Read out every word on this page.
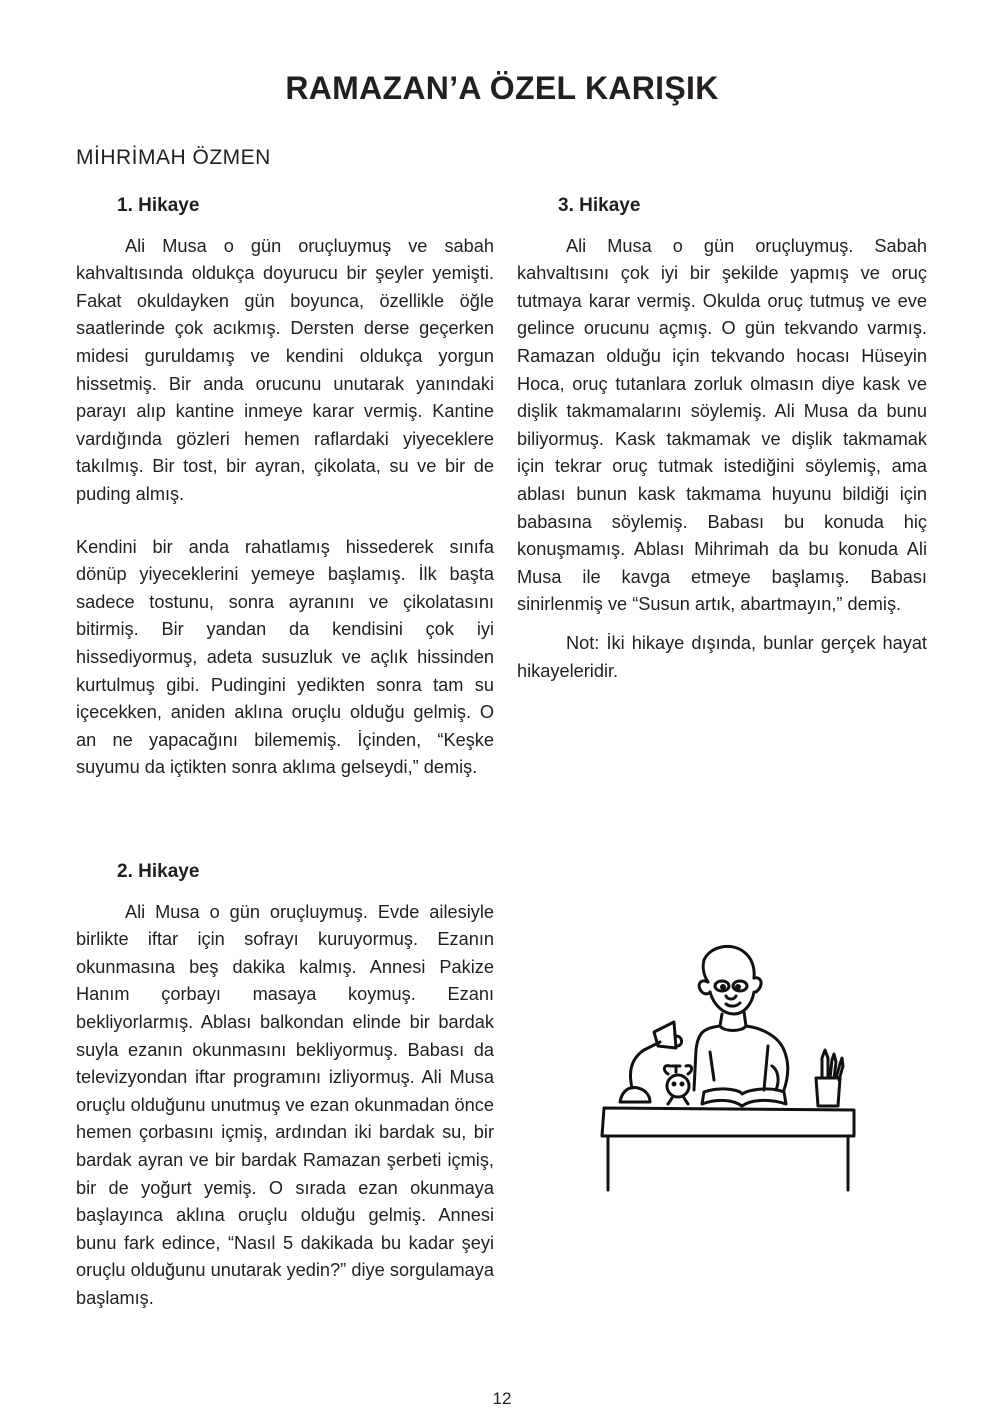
RAMAZAN’A ÖZEL KARIŞIK
MİHRİMAH ÖZMEN

1. Hikaye

Ali Musa o gün oruçluymuş ve sabah kahvaltısında oldukça doyurucu bir şeyler yemişti. Fakat okuldayken gün boyunca, özellikle öğle saatlerinde çok acıkmış. Dersten derse geçerken midesi guruldamış ve kendini oldukça yorgun hissetmiş. Bir anda orucunu unutarak yanındaki parayı alıp kantine inmeye karar vermiş. Kantine vardığında gözleri hemen raflardaki yiyeceklere takılmış. Bir tost, bir ayran, çikolata, su ve bir de puding almış.

Kendini bir anda rahatlamış hissederek sınıfa dönüp yiyeceklerini yemeye başlamış. İlk başta sadece tostunu, sonra ayranını ve çikolatasını bitirmiş. Bir yandan da kendisini çok iyi hissediyormuş, adeta susuzluk ve açlık hissinden kurtulmuş gibi. Pudingini yedikten sonra tam su içecekken, aniden aklına oruçlu olduğu gelmiş. O an ne yapacağını bilememiş. İçinden, “Keşke suyumu da içtikten sonra aklıma gelseydi,” demiş.

3. Hikaye

Ali Musa o gün oruçluymuş. Sabah kahvaltısını çok iyi bir şekilde yapmış ve oruç tutmaya karar vermiş. Okulda oruç tutmuş ve eve gelince orucunu açmış. O gün tekvando varmış. Ramazan olduğu için tekvando hocası Hüseyin Hoca, oruç tutanlara zorluk olmasın diye kask ve dişlik takmamalarını söylemiş. Ali Musa da bunu biliyormuş. Kask takmamak ve dişlik takmamak için tekrar oruç tutmak istediğini söylemiş, ama ablası bunun kask takmama huyunu bildiği için babasına söylemiş. Babası bu konuda hiç konuşmamış. Ablası Mihrimah da bu konuda Ali Musa ile kavga etmeye başlamış. Babası sinirlenmiş ve “Susun artık, abartmayın,” demiş.

Not: İki hikaye dışında, bunlar gerçek hayat hikayeleridir.

2. Hikaye

Ali Musa o gün oruçluymuş. Evde ailesiyle birlikte iftar için sofrayı kuruyormuş. Ezanın okunmasına beş dakika kalmış. Annesi Pakize Hanım çorbayı masaya koymuş. Ezanı bekliyorlarmış. Ablası balkondan elinde bir bardak suyla ezanın okunmasını bekliyormuş. Babası da televizyondan iftar programını izliyormuş. Ali Musa oruçlu olduğunu unutmuş ve ezan okunmadan önce hemen çorbasını içmiş, ardından iki bardak su, bir bardak ayran ve bir bardak Ramazan şerbeti içmiş, bir de yoğurt yemiş. O sırada ezan okunmaya başlayınca aklına oruçlu olduğu gelmiş. Annesi bunu fark edince, “Nasıl 5 dakikada bu kadar şeyi oruçlu olduğunu unutarak yedin?” diye sorgulamaya başlamış.

12
